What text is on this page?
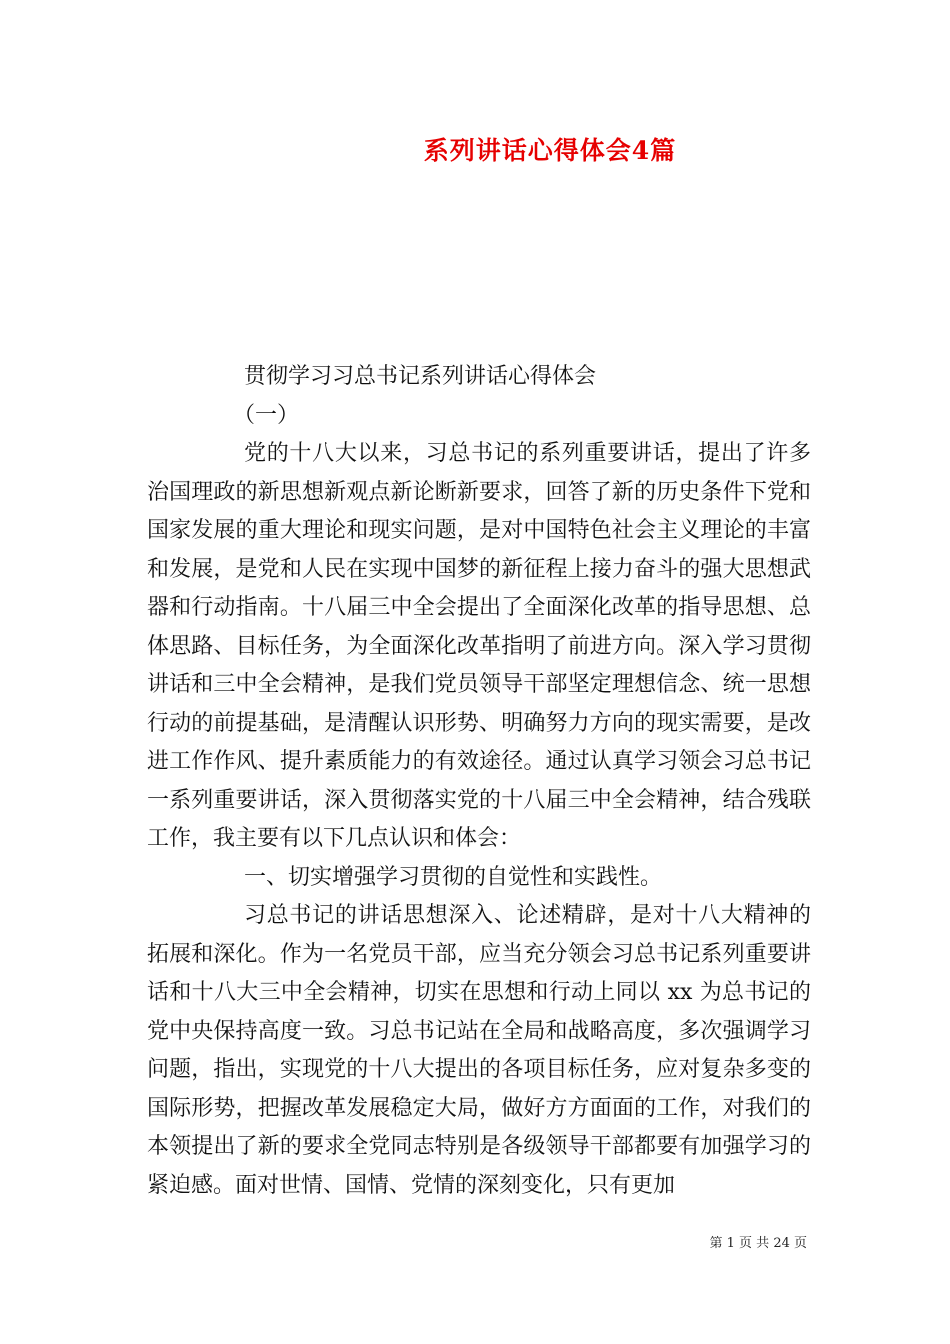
系列讲话心得体会4篇

贯彻学习习总书记系列讲话心得体会

（一）

党的十八大以来，习总书记的系列重要讲话，提出了许多治国理政的新思想新观点新论断新要求，回答了新的历史条件下党和国家发展的重大理论和现实问题，是对中国特色社会主义理论的丰富和发展，是党和人民在实现中国梦的新征程上接力奋斗的强大思想武器和行动指南。十八届三中全会提出了全面深化改革的指导思想、总体思路、目标任务，为全面深化改革指明了前进方向。深入学习贯彻讲话和三中全会精神，是我们党员领导干部坚定理想信念、统一思想行动的前提基础，是清醒认识形势、明确努力方向的现实需要，是改进工作作风、提升素质能力的有效途径。通过认真学习领会习总书记一系列重要讲话，深入贯彻落实党的十八届三中全会精神，结合残联工作，我主要有以下几点认识和体会：

一、切实增强学习贯彻的自觉性和实践性。

习总书记的讲话思想深入、论述精辟，是对十八大精神的拓展和深化。作为一名党员干部，应当充分领会习总书记系列重要讲话和十八大三中全会精神，切实在思想和行动上同以 xx 为总书记的党中央保持高度一致。习总书记站在全局和战略高度，多次强调学习问题，指出，实现党的十八大提出的各项目标任务，应对复杂多变的国际形势，把握改革发展稳定大局，做好方方面面的工作，对我们的本领提出了新的要求全党同志特别是各级领导干部都要有加强学习的紧迫感。面对世情、国情、党情的深刻变化，只有更加

第 1 页 共 24 页
